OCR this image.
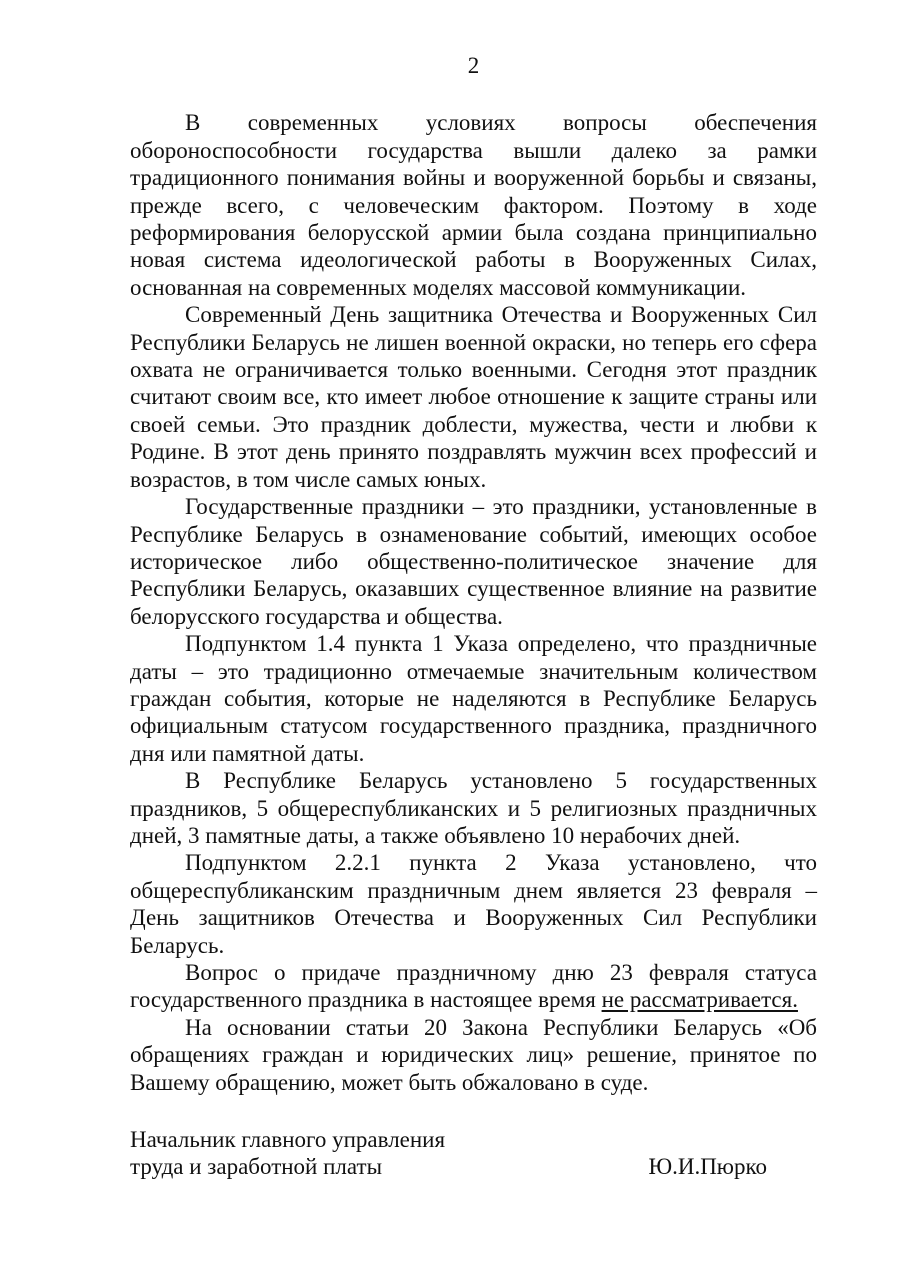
2

В современных условиях вопросы обеспечения обороноспособности государства вышли далеко за рамки традиционного понимания войны и вооруженной борьбы и связаны, прежде всего, с человеческим фактором. Поэтому в ходе реформирования белорусской армии была создана принципиально новая система идеологической работы в Вооруженных Силах, основанная на современных моделях массовой коммуникации.

Современный День защитника Отечества и Вооруженных Сил Республики Беларусь не лишен военной окраски, но теперь его сфера охвата не ограничивается только военными. Сегодня этот праздник считают своим все, кто имеет любое отношение к защите страны или своей семьи. Это праздник доблести, мужества, чести и любви к Родине. В этот день принято поздравлять мужчин всех профессий и возрастов, в том числе самых юных.

Государственные праздники – это праздники, установленные в Республике Беларусь в ознаменование событий, имеющих особое историческое либо общественно-политическое значение для Республики Беларусь, оказавших существенное влияние на развитие белорусского государства и общества.

Подпунктом 1.4 пункта 1 Указа определено, что праздничные даты – это традиционно отмечаемые значительным количеством граждан события, которые не наделяются в Республике Беларусь официальным статусом государственного праздника, праздничного дня или памятной даты.

В Республике Беларусь установлено 5 государственных праздников, 5 общереспубликанских и 5 религиозных праздничных дней, 3 памятные даты, а также объявлено 10 нерабочих дней.

Подпунктом 2.2.1 пункта 2 Указа установлено, что общереспубликанским праздничным днем является 23 февраля – День защитников Отечества и Вооруженных Сил Республики Беларусь.

Вопрос о придаче праздничному дню 23 февраля статуса государственного праздника в настоящее время не рассматривается.

На основании статьи 20 Закона Республики Беларусь «Об обращениях граждан и юридических лиц» решение, принятое по Вашему обращению, может быть обжаловано в суде.

Начальник главного управления
труда и заработной платы	Ю.И.Пюрко
